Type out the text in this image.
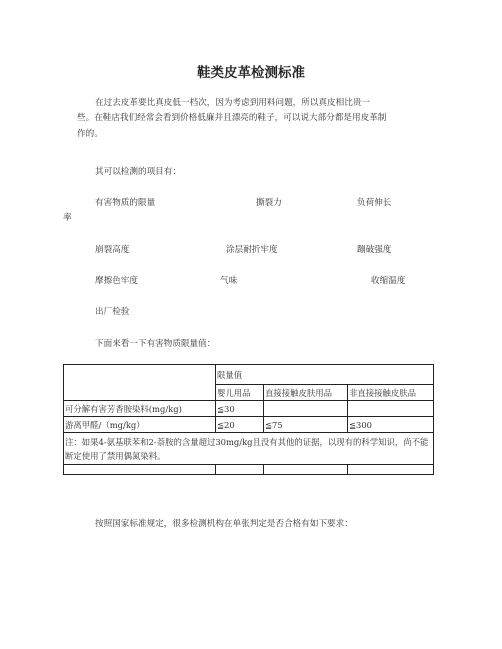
鞋类皮革检测标准
在过去皮革要比真皮低一档次，因为考虑到用料问题，所以真皮相比贵一
些。在鞋店我们经常会看到价格低廉并且漂亮的鞋子，可以说大部分都是用皮革制
作的。
其可以检测的项目有：
有害物质的限量	撕裂力	负荷伸长
率
崩裂高度	涂层耐折牢度	蹦破强度
摩擦色牢度	气味	收缩温度
出厂检验
下面来看一下有害物质限量值：
	限量值		
	婴儿用品	直接接触皮肤用品	非直接接触皮肤品
可分解有害芳香胺染料(mg/kg)	≦30		
游离甲醛/（mg/kg）	≦20	≦75	≦300
注：如果4-氨基联苯和2-萘胺的含量超过30mg/kg且没有其他的证据，以现有的科学知识，尚不能断定使用了禁用偶氮染料。			

按照国家标准规定，很多检测机构在单张判定是否合格有如下要求：
